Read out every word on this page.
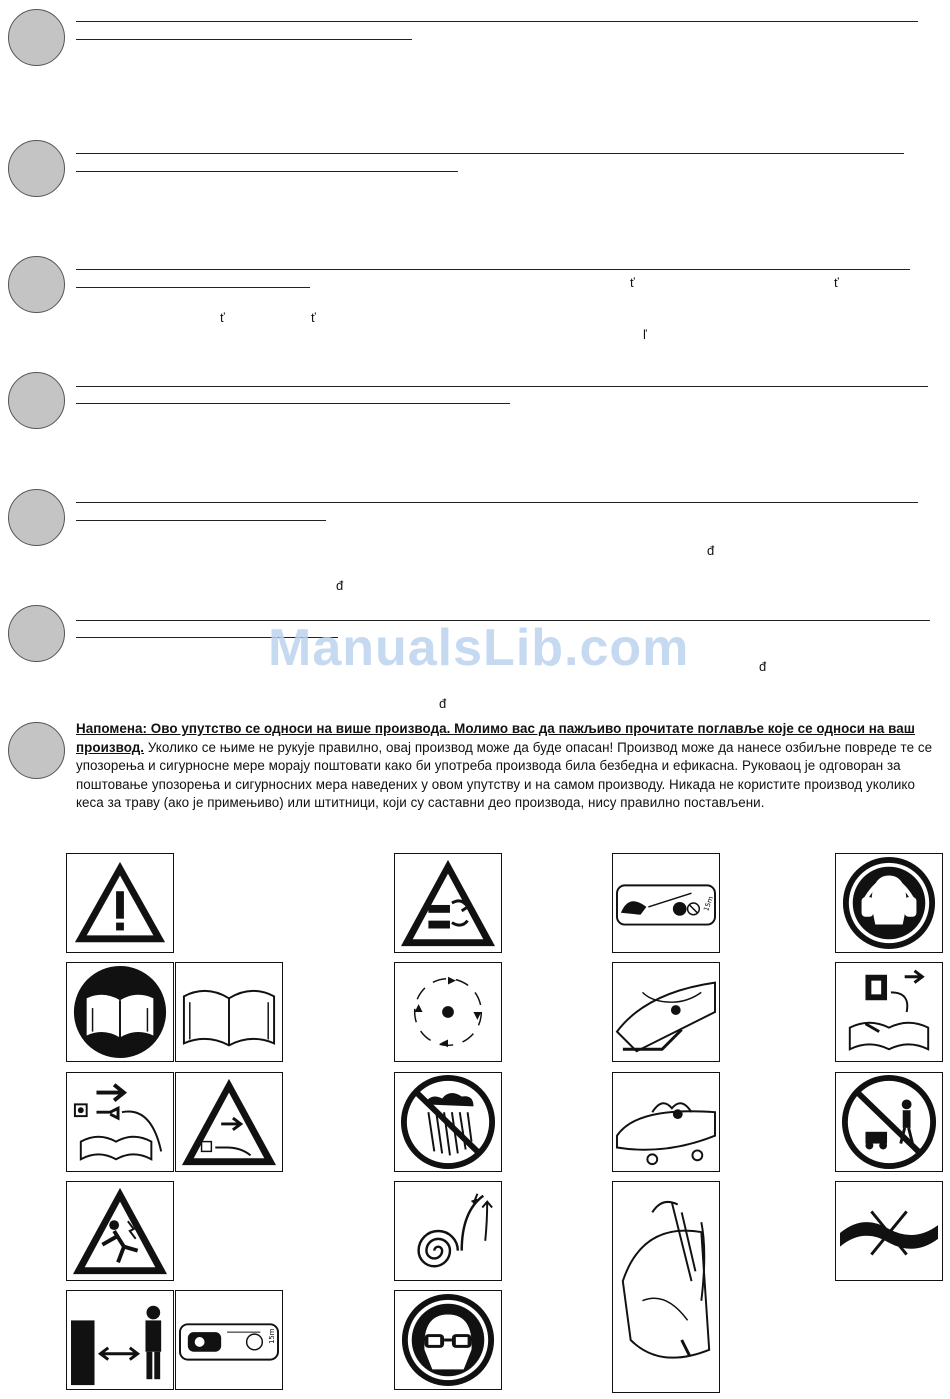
ť	ť
ť	ť
ľ
đ
đ
đ
đ
ManualsLib.com

Напомена: Ово упутство се односи на више производа. Молимо вас да пажљиво прочитате поглавље које се односи на ваш производ. Уколико се њиме не рукује правилно, овај производ може да буде опасан! Производ може да нанесе озбиљне повреде те се упозорења и сигурносне мере морају поштовати како би употреба производа била безбедна и ефикасна. Руковаоц је одговоран за поштовање упозорења и сигурносних мера наведених у овом упутству и на самом производу. Никада не користите производ уколико кеса за траву (ако је примењиво) или штитници, који су саставни део производа, нису правилно постављени.

15m
15m
